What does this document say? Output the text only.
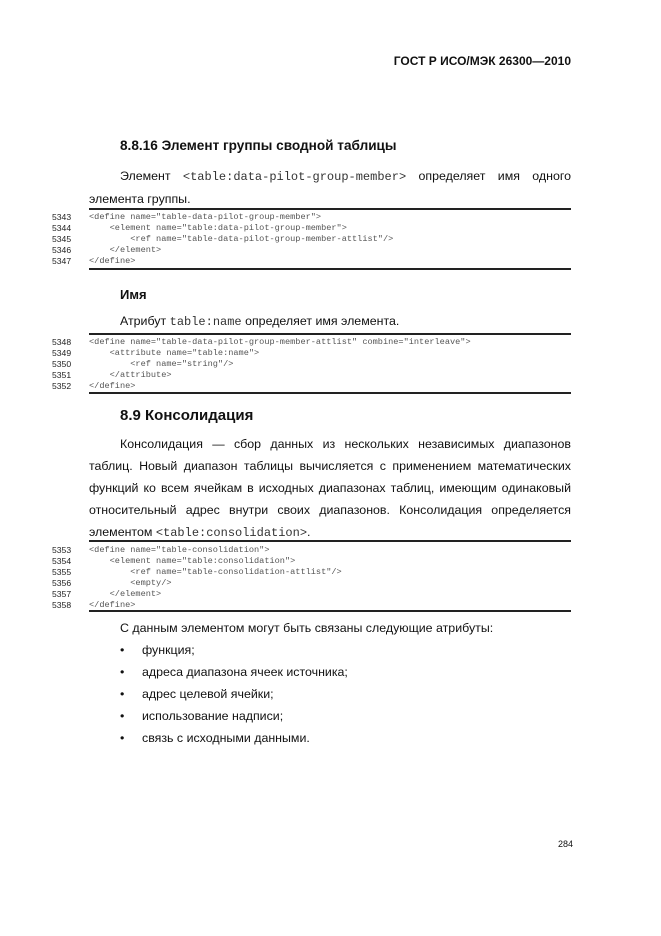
ГОСТ Р ИСО/МЭК 26300—2010
8.8.16 Элемент группы сводной таблицы
Элемент <table:data-pilot-group-member> определяет имя одного элемента группы.
5343	<define name="table-data-pilot-group-member">
5344	<element name="table:data-pilot-group-member">
5345	<ref name="table-data-pilot-group-member-attlist"/>
5346	</element>
5347	</define>
Имя
Атрибут table:name определяет имя элемента.
5348	<define name="table-data-pilot-group-member-attlist" combine="interleave">
5349	<attribute name="table:name">
5350	<ref name="string"/>
5351	</attribute>
5352	</define>
8.9 Консолидация
Консолидация — сбор данных из нескольких независимых диапазонов таблиц. Новый диапазон таблицы вычисляется с применением математических функций ко всем ячейкам в исходных диапазонах таблиц, имеющим одинаковый относительный адрес внутри своих диапазонов. Консолидация определяется элементом <table:consolidation>.
5353	<define name="table-consolidation">
5354	<element name="table:consolidation">
5355	<ref name="table-consolidation-attlist"/>
5356	<empty/>
5357	</element>
5358	</define>
С данным элементом могут быть связаны следующие атрибуты:
• функция;
• адреса диапазона ячеек источника;
• адрес целевой ячейки;
• использование надписи;
• связь с исходными данными.
284
